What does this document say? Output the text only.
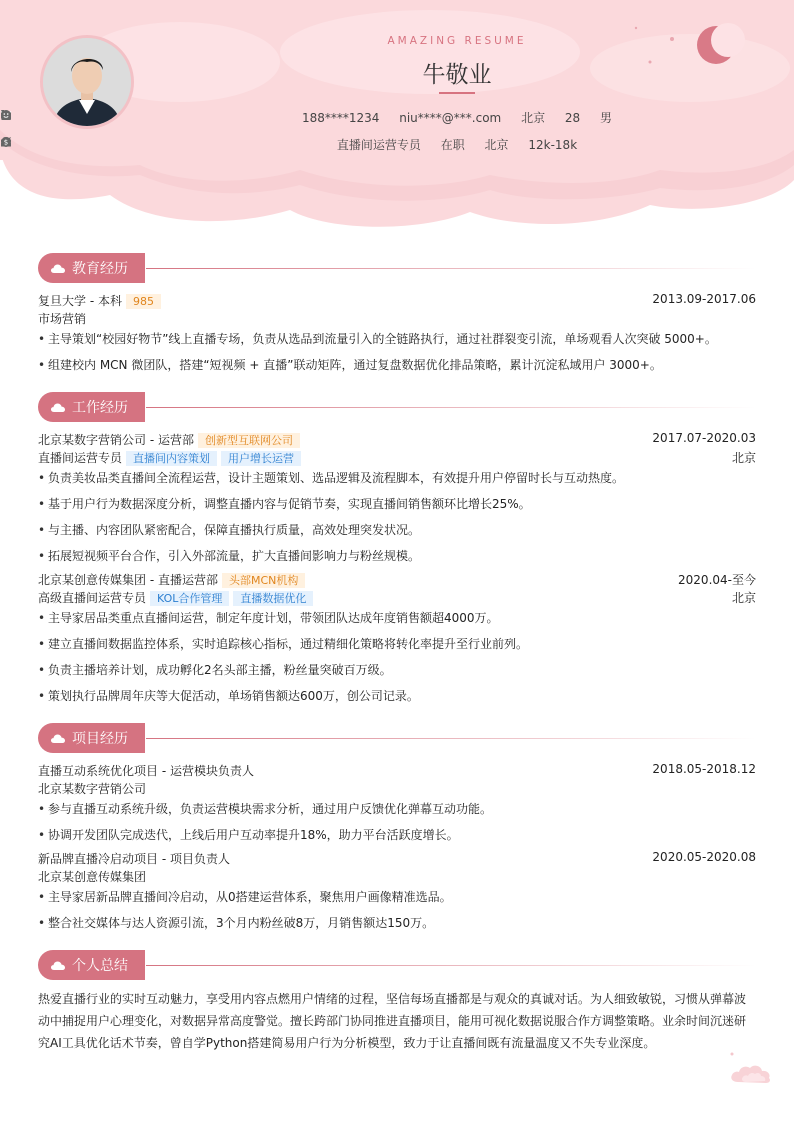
AMAZING RESUME
牛敬业
188****1234
niu****@***.com
北京
28
男
直播间运营专员
在职
北京

$	12k-18k
教育经历
复旦大学 - 本科 985	2013.09-2017.06
市场营销
• 主导策划“校园好物节”线上直播专场，负责从选品到流量引入的全链路执行，通过社群裂变引流，单场观看人次突破 5000+。
• 组建校内 MCN 微团队，搭建“短视频 + 直播”联动矩阵，通过复盘数据优化排品策略，累计沉淀私域用户 3000+。
工作经历
北京某数字营销公司 - 运营部 创新型互联网公司	2017.07-2020.03
直播间运营专员 直播间内容策划 用户增长运营	北京
• 负责美妆品类直播间全流程运营，设计主题策划、选品逻辑及流程脚本，有效提升用户停留时长与互动热度。
• 基于用户行为数据深度分析，调整直播内容与促销节奏，实现直播间销售额环比增长25%。
• 与主播、内容团队紧密配合，保障直播执行质量，高效处理突发状况。
• 拓展短视频平台合作，引入外部流量，扩大直播间影响力与粉丝规模。
北京某创意传媒集团 - 直播运营部 头部MCN机构	2020.04-至今
高级直播间运营专员 KOL合作管理 直播数据优化	北京
• 主导家居品类重点直播间运营，制定年度计划，带领团队达成年度销售额超4000万。
• 建立直播间数据监控体系，实时追踪核心指标，通过精细化策略将转化率提升至行业前列。
• 负责主播培养计划，成功孵化2名头部主播，粉丝量突破百万级。
• 策划执行品牌周年庆等大促活动，单场销售额达600万，创公司记录。
项目经历
直播互动系统优化项目 - 运营模块负责人	2018.05-2018.12
北京某数字营销公司
• 参与直播互动系统升级，负责运营模块需求分析，通过用户反馈优化弹幕互动功能。
• 协调开发团队完成迭代，上线后用户互动率提升18%，助力平台活跃度增长。
新品牌直播冷启动项目 - 项目负责人	2020.05-2020.08
北京某创意传媒集团
• 主导家居新品牌直播间冷启动，从0搭建运营体系，聚焦用户画像精准选品。
• 整合社交媒体与达人资源引流，3个月内粉丝破8万，月销售额达150万。
个人总结
热爱直播行业的实时互动魅力，享受用内容点燃用户情绪的过程，坚信每场直播都是与观众的真诚对话。为人细致敏锐，习惯从弹幕波动中捕捉用户心理变化，对数据异常高度警觉。擅长跨部门协同推进直播项目，能用可视化数据说服合作方调整策略。业余时间沉迷研究AI工具优化话术节奏，曾自学Python搭建简易用户行为分析模型，致力于让直播间既有流量温度又不失专业深度。
